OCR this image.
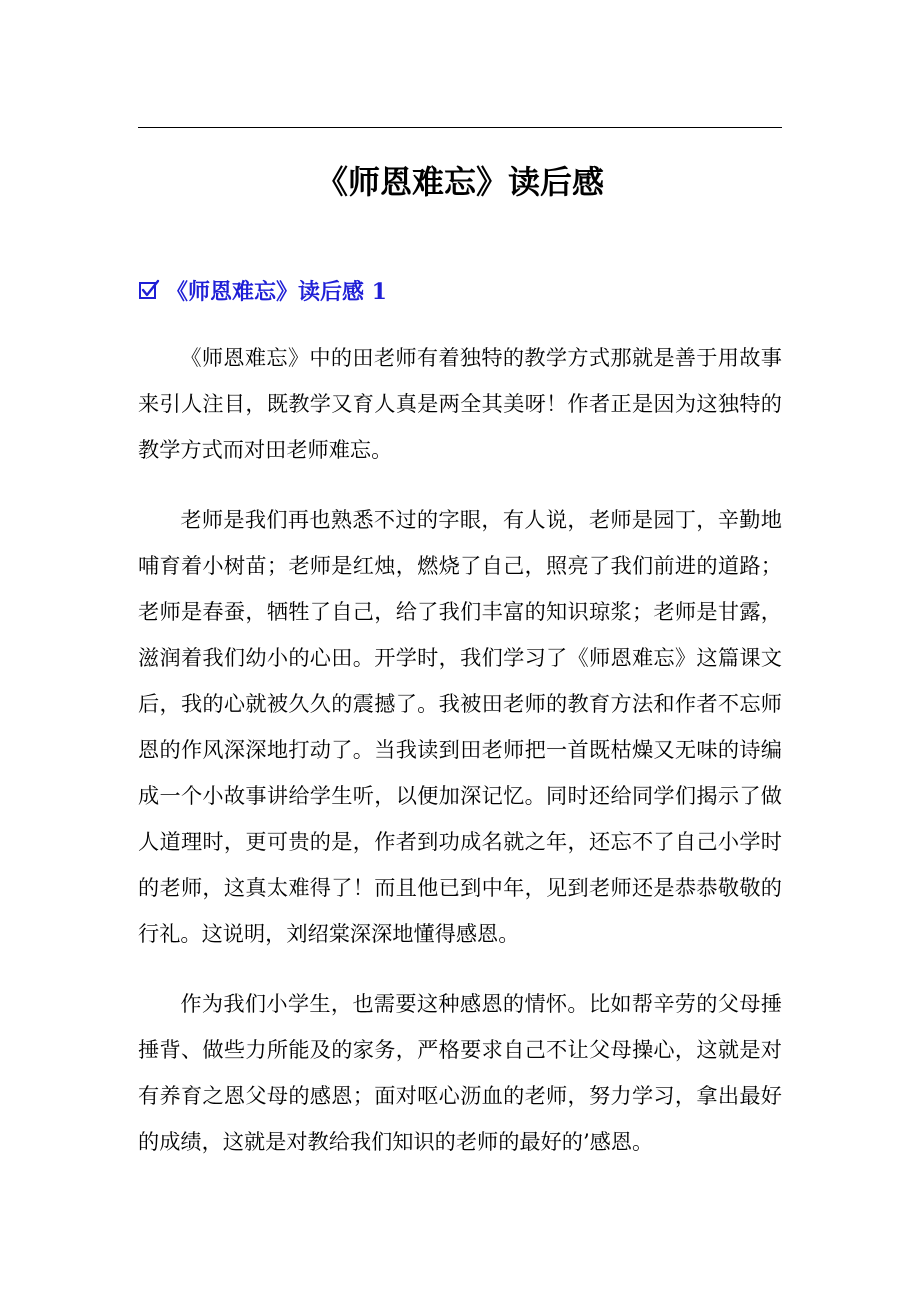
《师恩难忘》读后感
《师恩难忘》读后感 1

《师恩难忘》中的田老师有着独特的教学方式那就是善于用故事来引人注目，既教学又育人真是两全其美呀！作者正是因为这独特的教学方式而对田老师难忘。

老师是我们再也熟悉不过的字眼，有人说，老师是园丁，辛勤地哺育着小树苗；老师是红烛，燃烧了自己，照亮了我们前进的道路；老师是春蚕，牺牲了自己，给了我们丰富的知识琼浆；老师是甘露，滋润着我们幼小的心田。开学时，我们学习了《师恩难忘》这篇课文后，我的心就被久久的震撼了。我被田老师的教育方法和作者不忘师恩的作风深深地打动了。当我读到田老师把一首既枯燥又无味的诗编成一个小故事讲给学生听，以便加深记忆。同时还给同学们揭示了做人道理时，更可贵的是，作者到功成名就之年，还忘不了自己小学时的老师，这真太难得了！而且他已到中年，见到老师还是恭恭敬敬的行礼。这说明，刘绍棠深深地懂得感恩。

作为我们小学生，也需要这种感恩的情怀。比如帮辛劳的父母捶捶背、做些力所能及的家务，严格要求自己不让父母操心，这就是对有养育之恩父母的感恩；面对呕心沥血的老师，努力学习，拿出最好的成绩，这就是对教给我们知识的老师的最好的’感恩。
